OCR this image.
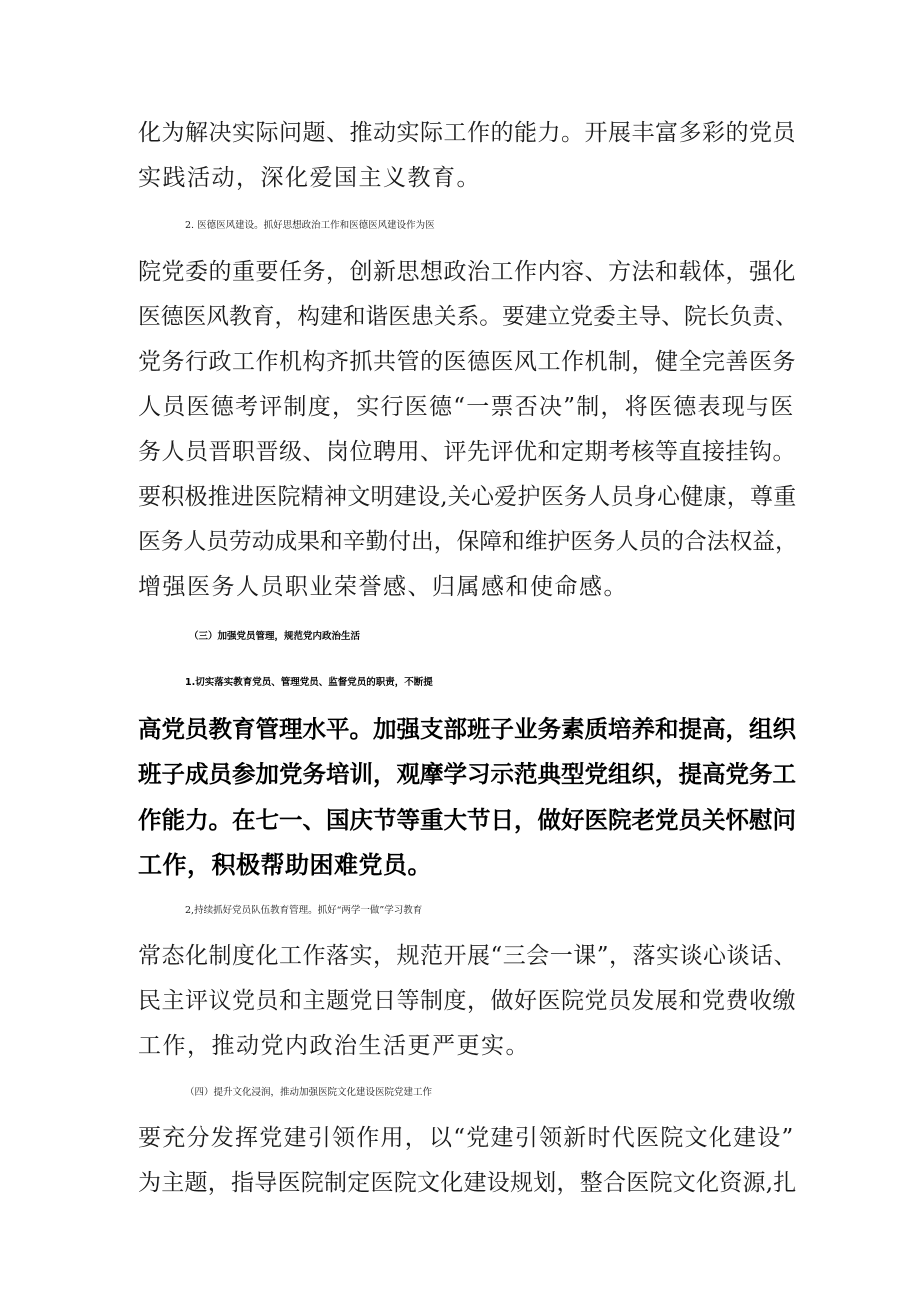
化为解决实际问题、推动实际工作的能力。开展丰富多彩的党员
实践活动，深化爱国主义教育。
2. 医德医风建设。抓好思想政治工作和医德医风建设作为医
院党委的重要任务，创新思想政治工作内容、方法和载体，强化
医德医风教育，构建和谐医患关系。要建立党委主导、院长负责、
党务行政工作机构齐抓共管的医德医风工作机制，健全完善医务
人员医德考评制度，实行医德“一票否决”制，将医德表现与医
务人员晋职晋级、岗位聘用、评先评优和定期考核等直接挂钩。
要积极推进医院精神文明建设,关心爱护医务人员身心健康，尊重
医务人员劳动成果和辛勤付出，保障和维护医务人员的合法权益，
增强医务人员职业荣誉感、归属感和使命感。
（三）加强党员管理，规范党内政治生活
1.切实落实教育党员、管理党员、监督党员的职责，不断提
高党员教育管理水平。加强支部班子业务素质培养和提高，组织
班子成员参加党务培训，观摩学习示范典型党组织，提高党务工
作能力。在七一、国庆节等重大节日，做好医院老党员关怀慰问
工作，积极帮助困难党员。
2,持续抓好党员队伍教育管理。抓好“两学一做”学习教育
常态化制度化工作落实，规范开展“三会一课”，落实谈心谈话、
民主评议党员和主题党日等制度，做好医院党员发展和党费收缴
工作，推动党内政治生活更严更实。
（四）提升文化浸润，推动加强医院文化建设医院党建工作
要充分发挥党建引领作用，以“党建引领新时代医院文化建设”
为主题，指导医院制定医院文化建设规划，整合医院文化资源,扎
